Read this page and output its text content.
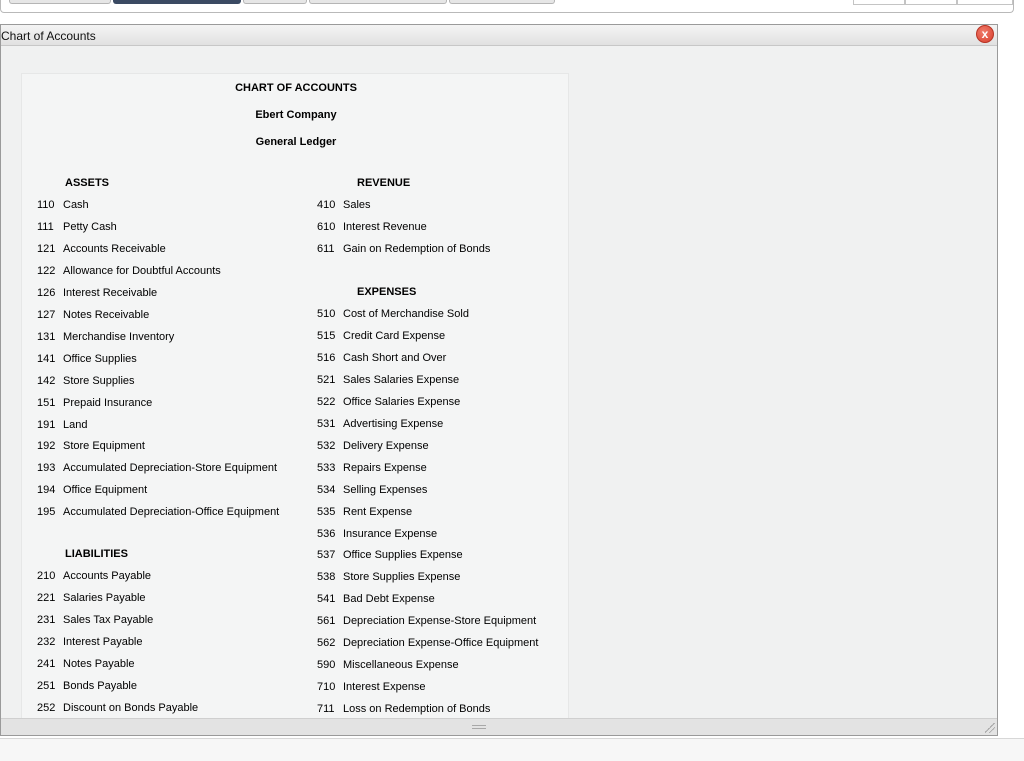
Chart of Accounts	x
CHART OF ACCOUNTS
Ebert Company
General Ledger
ASSETS
110 Cash
111 Petty Cash
121 Accounts Receivable
122 Allowance for Doubtful Accounts
126 Interest Receivable
127 Notes Receivable
131 Merchandise Inventory
141 Office Supplies
142 Store Supplies
151 Prepaid Insurance
191 Land
192 Store Equipment
193 Accumulated Depreciation-Store Equipment
194 Office Equipment
195 Accumulated Depreciation-Office Equipment
LIABILITIES
210 Accounts Payable
221 Salaries Payable
231 Sales Tax Payable
232 Interest Payable
241 Notes Payable
251 Bonds Payable
252 Discount on Bonds Payable
REVENUE
410 Sales
610 Interest Revenue
611 Gain on Redemption of Bonds
EXPENSES
510 Cost of Merchandise Sold
515 Credit Card Expense
516 Cash Short and Over
521 Sales Salaries Expense
522 Office Salaries Expense
531 Advertising Expense
532 Delivery Expense
533 Repairs Expense
534 Selling Expenses
535 Rent Expense
536 Insurance Expense
537 Office Supplies Expense
538 Store Supplies Expense
541 Bad Debt Expense
561 Depreciation Expense-Store Equipment
562 Depreciation Expense-Office Equipment
590 Miscellaneous Expense
710 Interest Expense
711 Loss on Redemption of Bonds
